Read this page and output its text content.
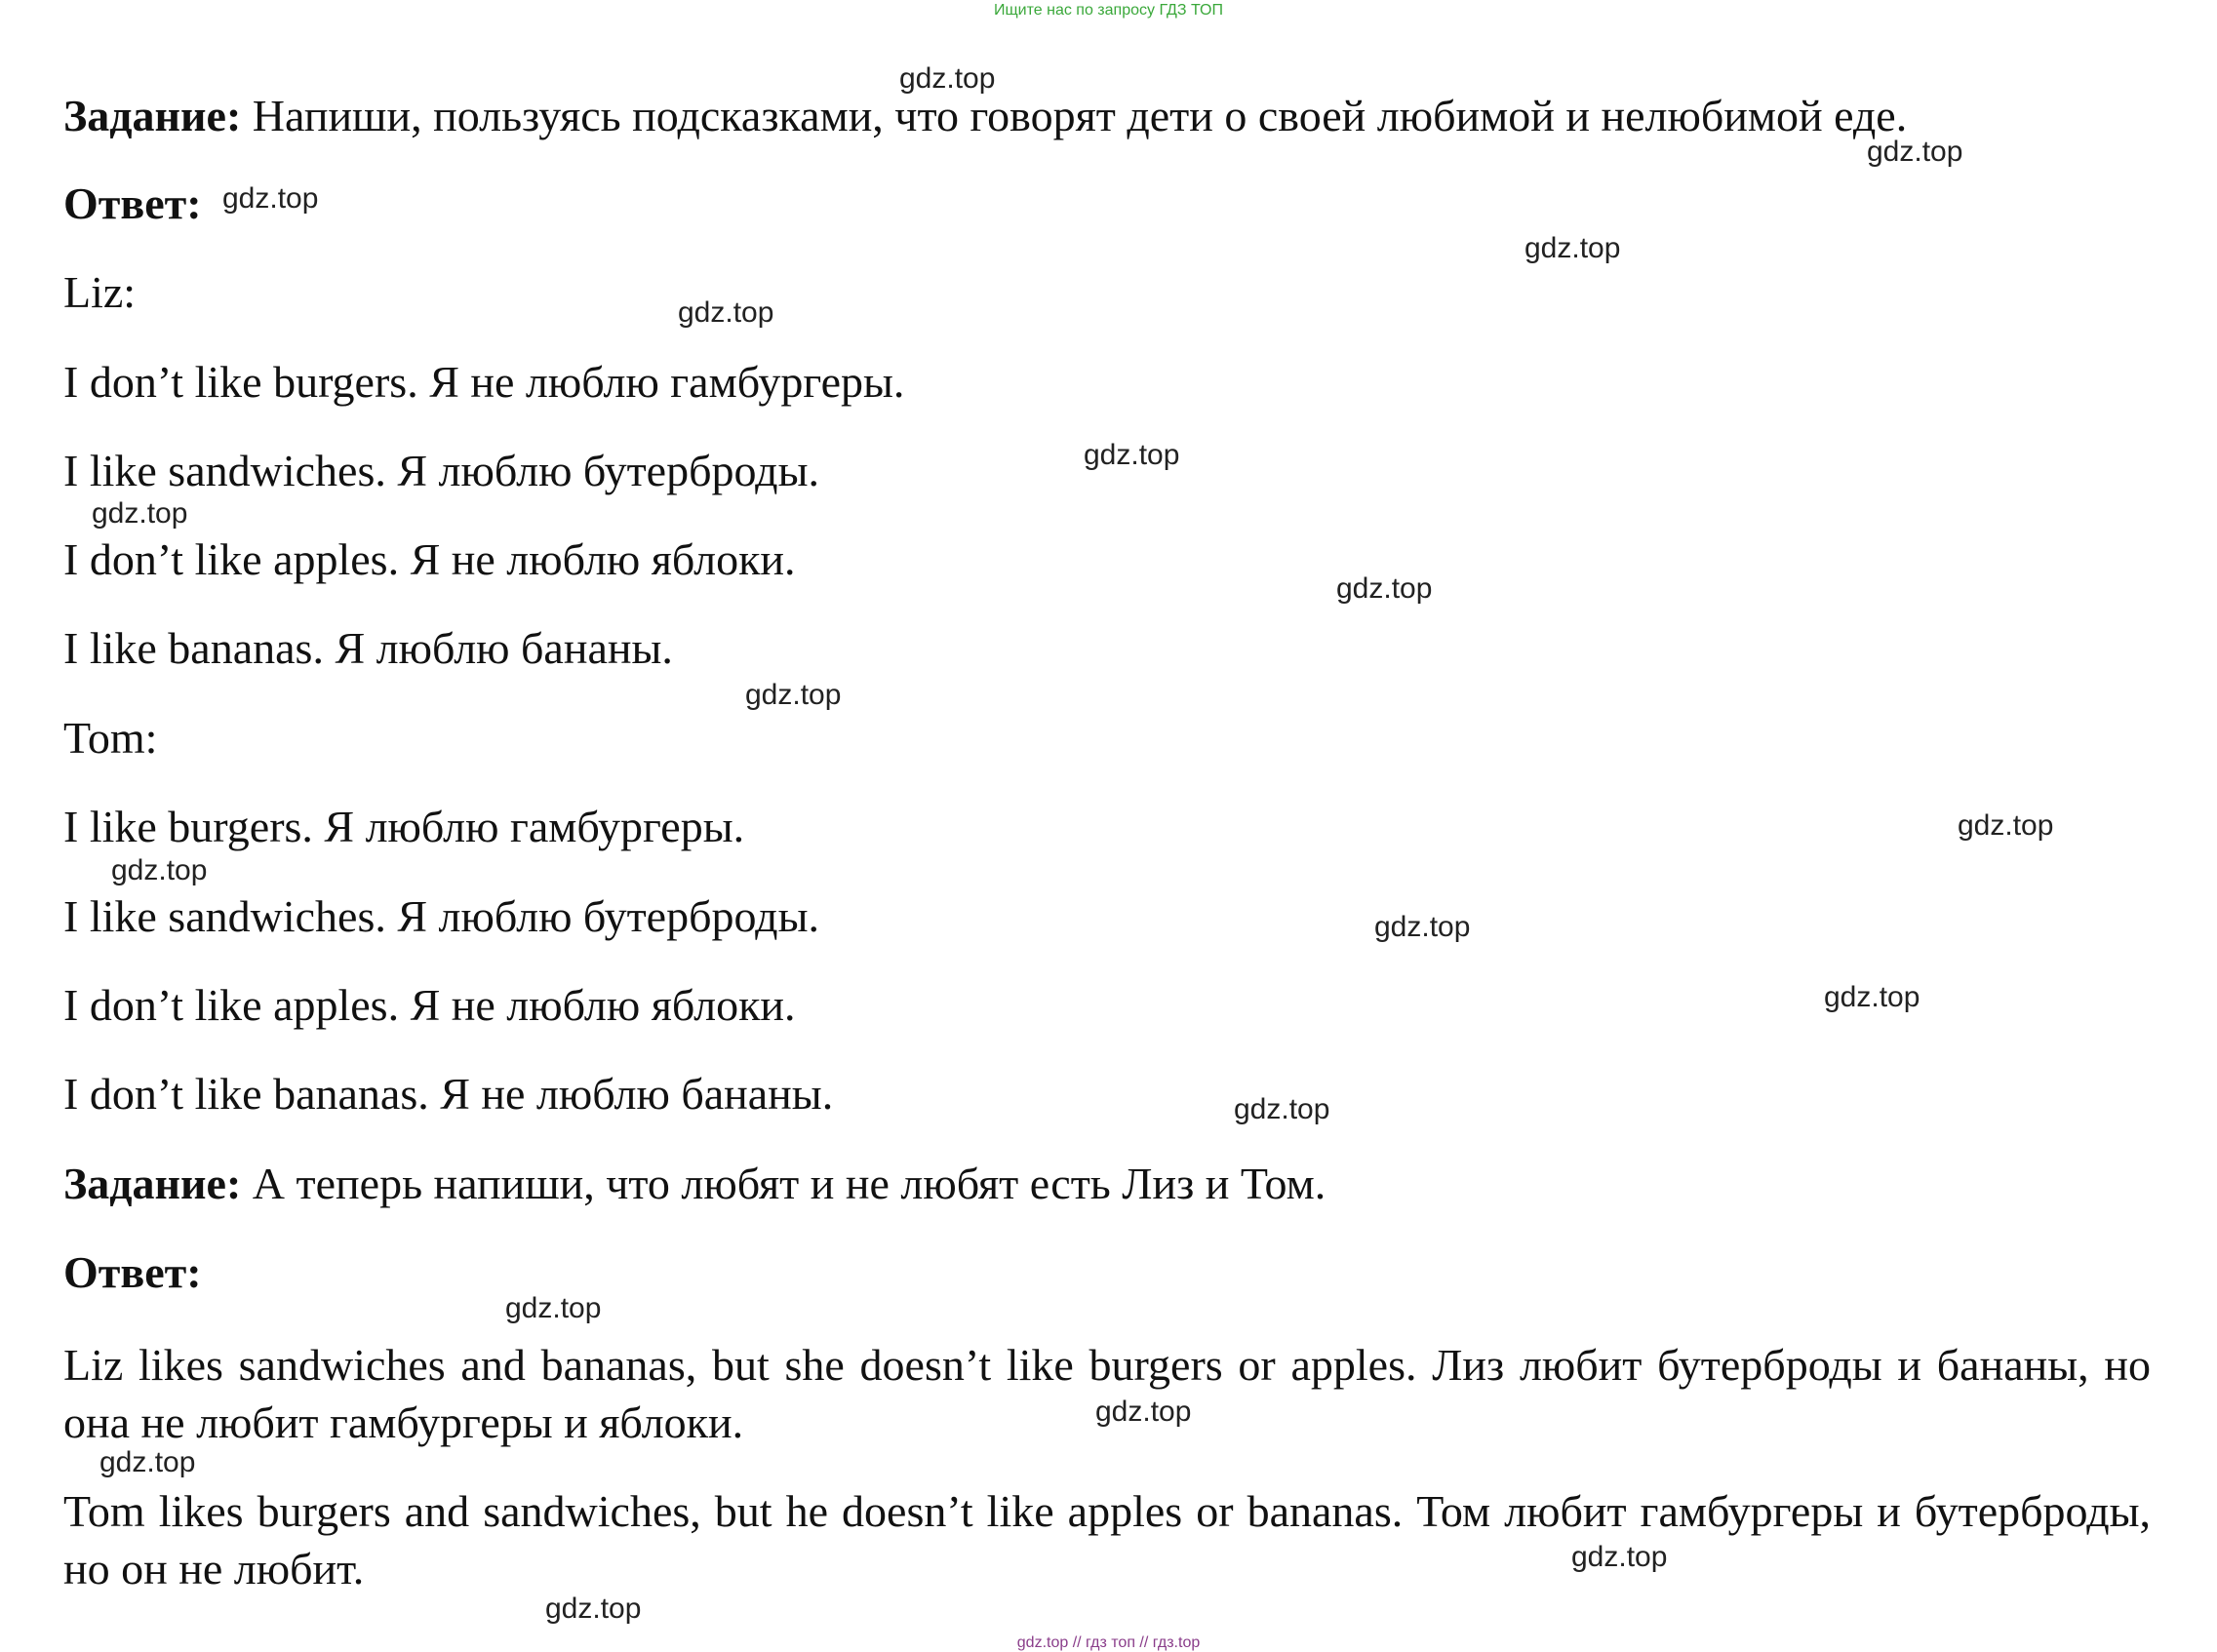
Ищите нас по запросу ГДЗ ТОП
Задание: Напиши, пользуясь подсказками, что говорят дети о своей любимой и нелюбимой еде.
Ответ:
Liz:
I don’t like burgers. Я не люблю гамбургеры.
I like sandwiches. Я люблю бутерброды.
I don’t like apples. Я не люблю яблоки.
I like bananas. Я люблю бананы.
Tom:
I like burgers. Я люблю гамбургеры.
I like sandwiches. Я люблю бутерброды.
I don’t like apples. Я не люблю яблоки.
I don’t like bananas. Я не люблю бананы.
Задание: А теперь напиши, что любят и не любят есть Лиз и Том.
Ответ:
Liz likes sandwiches and bananas, but she doesn’t like burgers or apples. Лиз любит бутерброды и бананы, но она не любит гамбургеры и яблоки.
Tom likes burgers and sandwiches, but he doesn’t like apples or bananas. Том любит гамбургеры и бутерброды, но он не любит.
gdz.top
gdz.top
gdz.top
gdz.top
gdz.top
gdz.top
gdz.top
gdz.top
gdz.top
gdz.top
gdz.top
gdz.top
gdz.top
gdz.top
gdz.top
gdz.top
gdz.top
gdz.top
gdz.top
gdz.top // гдз топ // гдз.top
